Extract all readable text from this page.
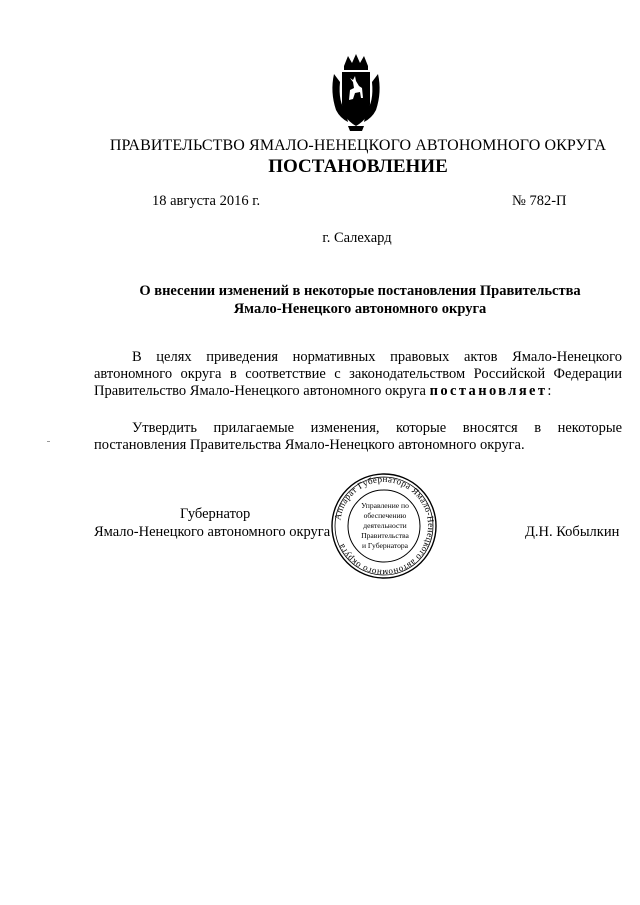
ПРАВИТЕЛЬСТВО ЯМАЛО-НЕНЕЦКОГО АВТОНОМНОГО ОКРУГА
ПОСТАНОВЛЕНИЕ
18 августа 2016 г.	№ 782-П
г. Салехард
О внесении изменений в некоторые постановления Правительства
Ямало-Ненецкого автономного округа
В целях приведения нормативных правовых актов Ямало-Ненецкого автономного округа в соответствие с законодательством Российской Федерации Правительство Ямало-Ненецкого автономного округа постановляет:
Утвердить прилагаемые изменения, которые вносятся в некоторые постановления Правительства Ямало-Ненецкого автономного округа.
Губернатор
Ямало-Ненецкого автономного округа	Д.Н. Кобылкин
Аппарат Губернатора Ямало-Ненецкого автономного округа
Управление по
обеспечению
деятельности
Правительства
и Губернатора
